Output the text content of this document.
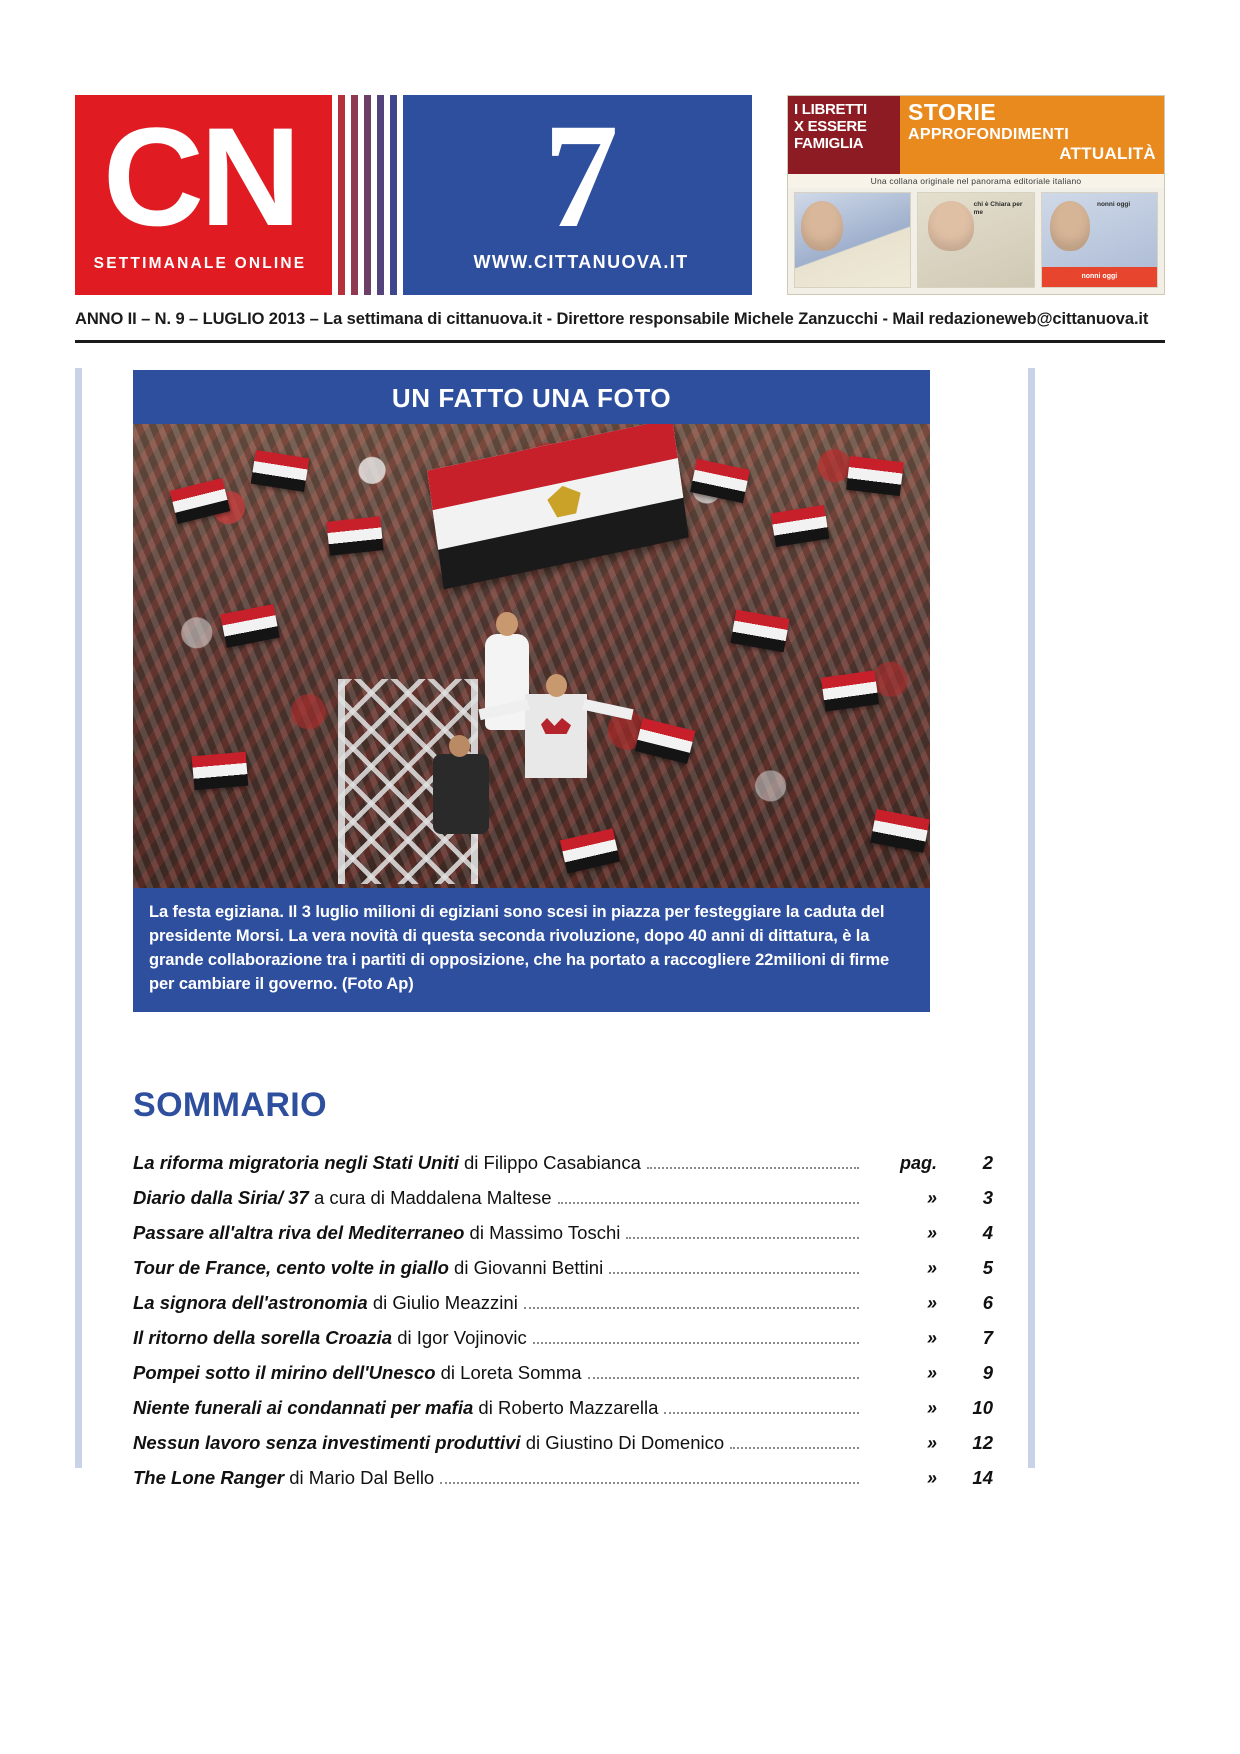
CN
SETTIMANALE ONLINE
7
WWW.CITTANUOVA.IT
I LIBRETTI
X ESSERE
FAMIGLIA
STORIE
APPROFONDIMENTI
ATTUALITÀ
Una collana originale nel panorama editoriale italiano
chi è Chiara per me
nonni oggi
nonni oggi
ANNO II – N. 9 – LUGLIO 2013 – La settimana di cittanuova.it - Direttore responsabile Michele Zanzucchi - Mail redazioneweb@cittanuova.it
UN FATTO UNA FOTO
La festa egiziana. Il 3 luglio milioni di egiziani sono scesi in piazza per festeggiare la caduta del presidente Morsi. La vera novità di questa seconda rivoluzione, dopo 40 anni di dittatura, è la grande collaborazione tra i partiti di opposizione, che ha portato a raccogliere 22milioni di firme per cambiare il governo. (Foto Ap)
SOMMARIO
La riforma migratoria negli Stati Uniti di Filippo Casabianca	pag.	2
Diario dalla Siria/ 37 a cura di Maddalena Maltese	»	3
Passare all'altra riva del Mediterraneo di Massimo Toschi	»	4
Tour de France, cento volte in giallo di Giovanni Bettini	»	5
La signora dell'astronomia di Giulio Meazzini	»	6
Il ritorno della sorella Croazia di Igor Vojinovic	»	7
Pompei sotto il mirino dell'Unesco di Loreta Somma	»	9
Niente funerali ai condannati per mafia di Roberto Mazzarella	»	10
Nessun lavoro senza investimenti produttivi di Giustino Di Domenico	»	12
The Lone Ranger di Mario Dal Bello	»	14
